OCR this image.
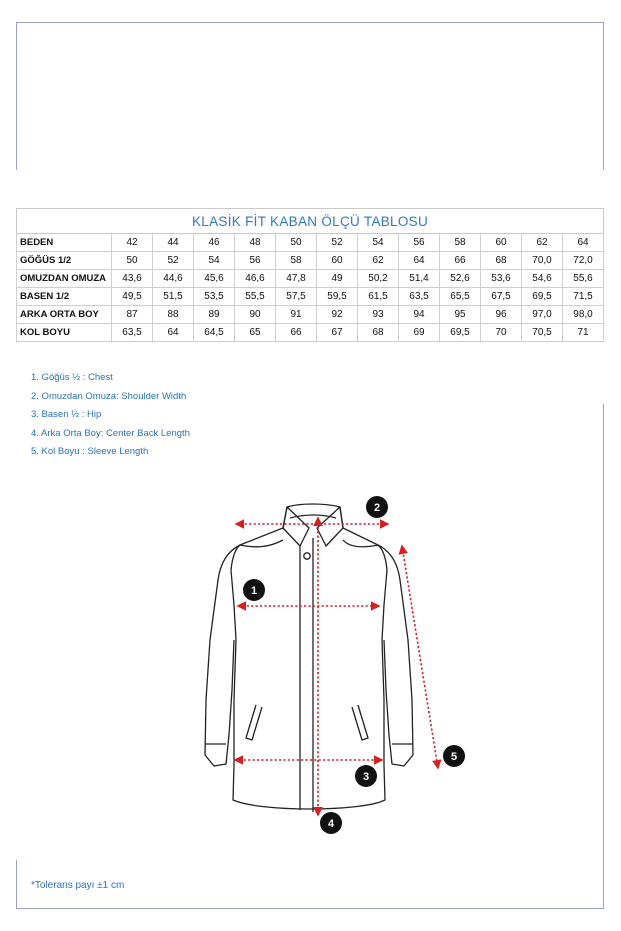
KLASİK FİT KABAN ÖLÇÜ TABLOSU												
BEDEN	42	44	46	48	50	52	54	56	58	60	62	64
GÖĞÜS 1/2	50	52	54	56	58	60	62	64	66	68	70,0	72,0
OMUZDAN OMUZA	43,6	44,6	45,6	46,6	47,8	49	50,2	51,4	52,6	53,6	54,6	55,6
BASEN 1/2	49,5	51,5	53,5	55,5	57,5	59,5	61,5	63,5	65,5	67,5	69,5	71,5
ARKA ORTA BOY	87	88	89	90	91	92	93	94	95	96	97,0	98,0
KOL BOYU	63,5	64	64,5	65	66	67	68	69	69,5	70	70,5	71
1. Göğüs ½ : Chest
2. Omuzdan Omuza: Shoulder Width
3. Basen ½ : Hip
4. Arka Orta Boy: Center Back Length
5. Kol Boyu : Sleeve Length
1
2
3
4
5
*Tolerans payı ±1 cm
